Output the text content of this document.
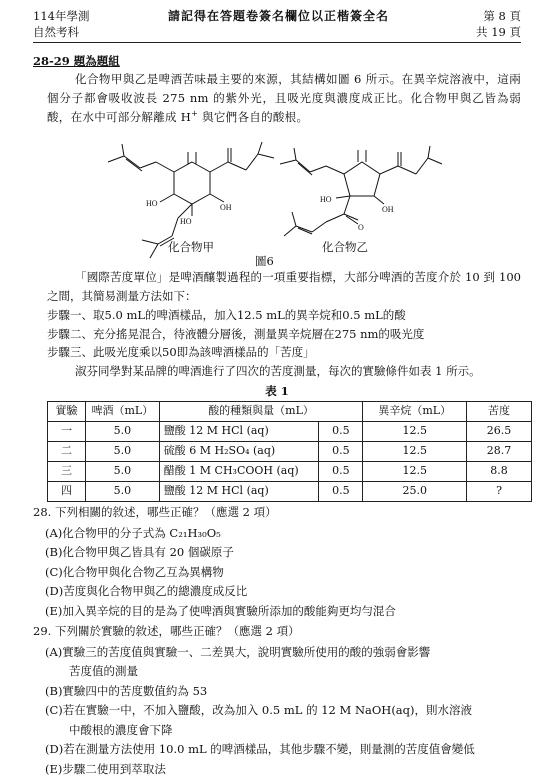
114年學測
自然考科
請記得在答題卷簽名欄位以正楷簽全名	第 8 頁
共 19 頁
28-29 題為題組
化合物甲與乙是啤酒苦味最主要的來源，其結構如圖 6 所示。在異辛烷溶液中，這兩個分子都會吸收波長 275 nm 的紫外光，且吸光度與濃度成正比。化合物甲與乙皆為弱酸，在水中可部分解離成 H+ 與它們各自的酸根。
HO	OH
HO
O
HO
OH
化合物甲	化合物乙
圖6
「國際苦度單位」是啤酒釀製過程的一項重要指標，大部分啤酒的苦度介於 10 到 100 之間，其簡易測量方法如下：
步驟一、取5.0 mL的啤酒樣品，加入12.5 mL的異辛烷和0.5 mL的酸
步驟二、充分搖晃混合，待液體分層後，測量異辛烷層在275 nm的吸光度
步驟三、此吸光度乘以50即為該啤酒樣品的「苦度」
淑芬同學對某品牌的啤酒進行了四次的苦度測量，每次的實驗條件如表 1 所示。
表 1
實驗	啤酒（mL）	酸的種類與量（mL）		異辛烷（mL）	苦度
一	5.0	鹽酸 12 M HCl (aq)	0.5	12.5	26.5
二	5.0	硫酸 6 M H₂SO₄ (aq)	0.5	12.5	28.7
三	5.0	醋酸 1 M CH₃COOH (aq)	0.5	12.5	8.8
四	5.0	鹽酸 12 M HCl (aq)	0.5	25.0	?
28. 下列相關的敘述，哪些正確？（應選 2 項）
(A)化合物甲的分子式為 C₂₁H₃₀O₅
(B)化合物甲與乙皆具有 20 個碳原子
(C)化合物甲與化合物乙互為異構物
(D)苦度與化合物甲與乙的總濃度成反比
(E)加入異辛烷的目的是為了使啤酒與實驗所添加的酸能夠更均勻混合
29. 下列關於實驗的敘述，哪些正確？（應選 2 項）
(A)實驗三的苦度值與實驗一、二差異大，說明實驗所使用的酸的強弱會影響
苦度值的測量
(B)實驗四中的苦度數值約為 53
(C)若在實驗一中，不加入鹽酸，改為加入 0.5 mL 的 12 M NaOH(aq)，則水溶液
中酸根的濃度會下降
(D)若在測量方法使用 10.0 mL 的啤酒樣品，其他步驟不變，則量測的苦度值會變低
(E)步驟二使用到萃取法
